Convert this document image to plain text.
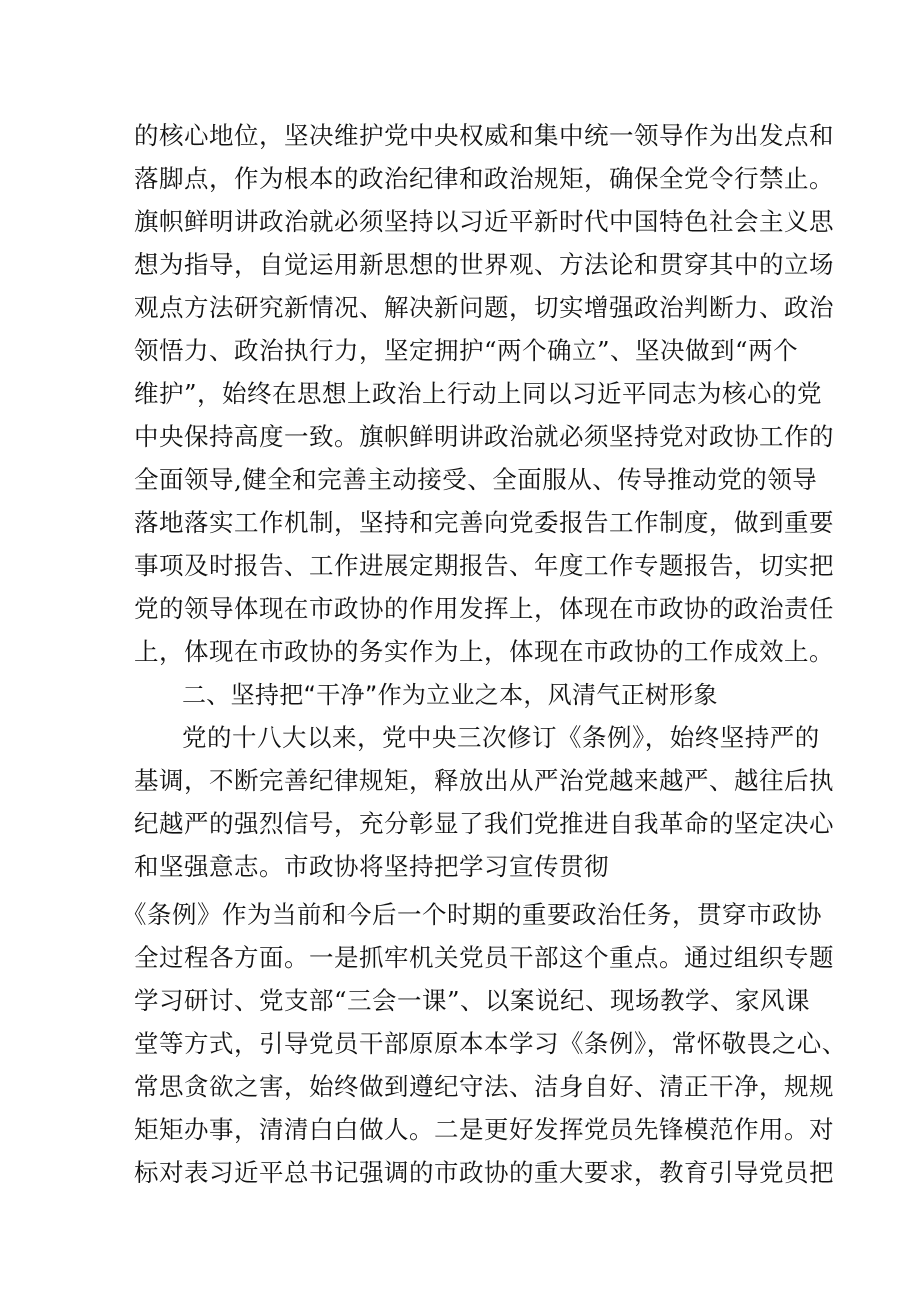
的核心地位，坚决维护党中央权威和集中统一领导作为出发点和
落脚点，作为根本的政治纪律和政治规矩，确保全党令行禁止。
旗帜鲜明讲政治就必须坚持以习近平新时代中国特色社会主义思
想为指导，自觉运用新思想的世界观、方法论和贯穿其中的立场
观点方法研究新情况、解决新问题，切实增强政治判断力、政治
领悟力、政治执行力，坚定拥护“两个确立”、坚决做到“两个
维护”，始终在思想上政治上行动上同以习近平同志为核心的党
中央保持高度一致。旗帜鲜明讲政治就必须坚持党对政协工作的
全面领导,健全和完善主动接受、全面服从、传导推动党的领导
落地落实工作机制，坚持和完善向党委报告工作制度，做到重要
事项及时报告、工作进展定期报告、年度工作专题报告，切实把
党的领导体现在市政协的作用发挥上，体现在市政协的政治责任
上，体现在市政协的务实作为上，体现在市政协的工作成效上。
二、坚持把“干净”作为立业之本，风清气正树形象
党的十八大以来，党中央三次修订《条例》，始终坚持严的
基调，不断完善纪律规矩，释放出从严治党越来越严、越往后执
纪越严的强烈信号，充分彰显了我们党推进自我革命的坚定决心
和坚强意志。市政协将坚持把学习宣传贯彻
《条例》作为当前和今后一个时期的重要政治任务，贯穿市政协
全过程各方面。一是抓牢机关党员干部这个重点。通过组织专题
学习研讨、党支部“三会一课”、以案说纪、现场教学、家风课
堂等方式，引导党员干部原原本本学习《条例》，常怀敬畏之心、
常思贪欲之害，始终做到遵纪守法、洁身自好、清正干净，规规
矩矩办事，清清白白做人。二是更好发挥党员先锋模范作用。对
标对表习近平总书记强调的市政协的重大要求，教育引导党员把
